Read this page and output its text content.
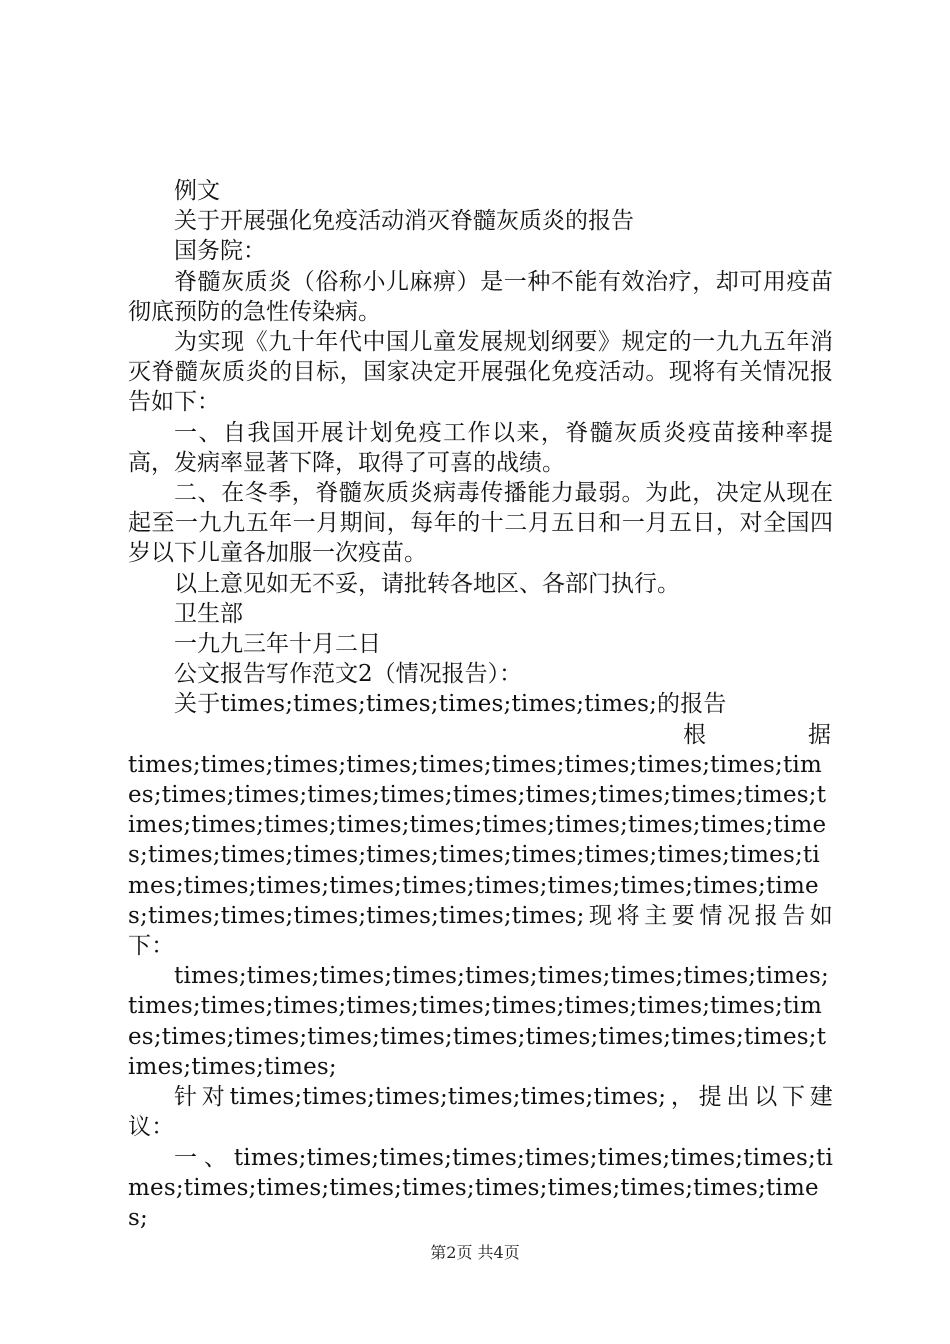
例文

关于开展强化免疫活动消灭脊髓灰质炎的报告

国务院：

脊髓灰质炎（俗称小儿麻痹）是一种不能有效治疗，却可用疫苗彻底预防的急性传染病。

为实现《九十年代中国儿童发展规划纲要》规定的一九九五年消灭脊髓灰质炎的目标，国家决定开展强化免疫活动。现将有关情况报告如下：

一、自我国开展计划免疫工作以来，脊髓灰质炎疫苗接种率提高，发病率显著下降，取得了可喜的战绩。

二、在冬季，脊髓灰质炎病毒传播能力最弱。为此，决定从现在起至一九九五年一月期间，每年的十二月五日和一月五日，对全国四岁以下儿童各加服一次疫苗。

以上意见如无不妥，请批转各地区、各部门执行。

卫生部

一九九三年十月二日

公文报告写作范文2（情况报告）：

关于times;times;times;times;times;times;的报告

根　　　　据

times;times;times;times;times;times;times;times;times;times;times;times;times;times;times;times;times;times;times;times;times;times;times;times;times;times;times;times;times;times;times;times;times;times;times;times;times;times;times;times;times;times;times;times;times;times;times;times;times;times;times;times;times;times;现将主要情况报告如下：

times;times;times;times;times;times;times;times;times;times;times;times;times;times;times;times;times;times;times;times;times;times;times;times;times;times;times;times;times;times;times;

针对times;times;times;times;times;times;，提出以下建议：

一、times;times;times;times;times;times;times;times;times;times;times;times;times;times;times;times;times;times;

第2页 共4页
